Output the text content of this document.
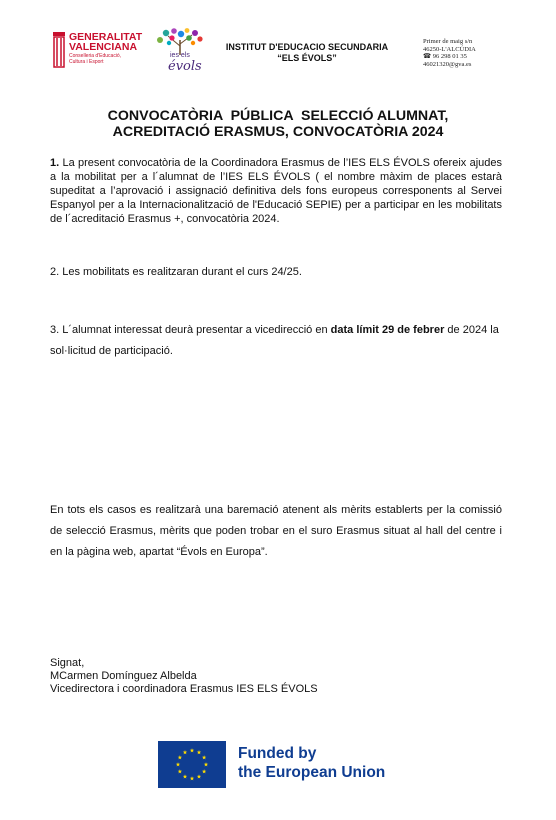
GENERALITAT
VALENCIANA
Conselleria d'Educació,
Cultura i Esport
ies els
évols
INSTITUT D'EDUCACIO SECUNDARIA
“ELS ÉVOLS”
Primer de maig s/n
46250-L'ALCÚDIA
☎ 96 298 01 35
46021320@gva.es
CONVOCATÒRIA  PÚBLICA  SELECCIÓ ALUMNAT,
ACREDITACIÓ ERASMUS, CONVOCATÒRIA 2024
1. La present convocatòria de la Coordinadora Erasmus de l’IES ELS ÉVOLS ofereix ajudes a la mobilitat per a l´alumnat de l’IES ELS ÉVOLS ( el nombre màxim de places estarà supeditat a l’aprovació i assignació definitiva dels fons europeus corresponents al Servei Espanyol per a la Internacionalització de l'Educació SEPIE) per a participar en les mobilitats de l´acreditació Erasmus +, convocatòria 2024.
2. Les mobilitats es realitzaran durant el curs 24/25.
3. L´alumnat interessat deurà presentar a vicedirecció en data límit 29 de febrer de 2024 la sol·licitud de participació.
En tots els casos es realitzarà una baremació atenent als mèrits establerts per la comissió de selecció Erasmus, mèrits que poden trobar en el suro Erasmus situat al hall del centre i en la pàgina web, apartat “Évols en Europa”.
Signat,
MCarmen Domínguez Albelda
Vicedirectora i coordinadora Erasmus IES ELS ÉVOLS
Funded by
the European Union
